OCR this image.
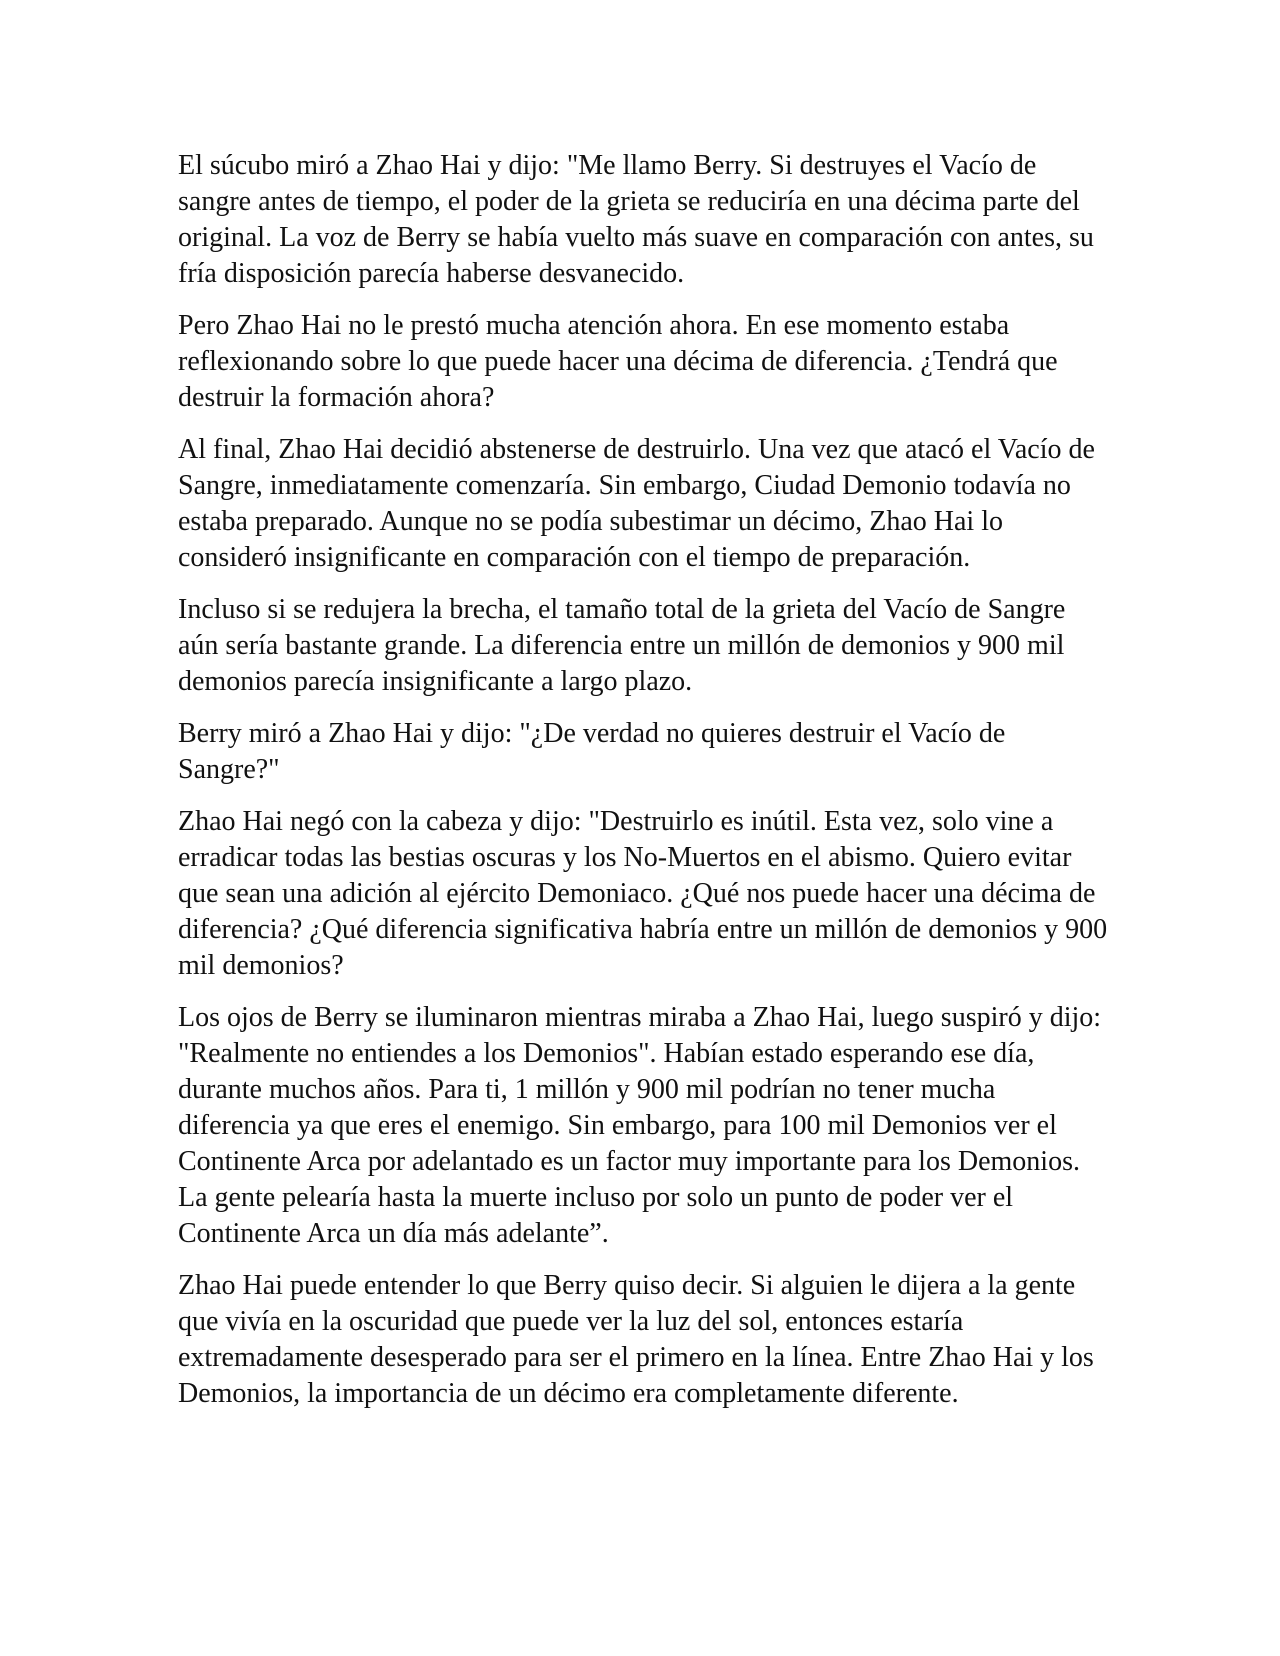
El súcubo miró a Zhao Hai y dijo: "Me llamo Berry. Si destruyes el Vacío de sangre antes de tiempo, el poder de la grieta se reduciría en una décima parte del original. La voz de Berry se había vuelto más suave en comparación con antes, su fría disposición parecía haberse desvanecido.

Pero Zhao Hai no le prestó mucha atención ahora. En ese momento estaba reflexionando sobre lo que puede hacer una décima de diferencia. ¿Tendrá que destruir la formación ahora?

Al final, Zhao Hai decidió abstenerse de destruirlo. Una vez que atacó el Vacío de Sangre, inmediatamente comenzaría. Sin embargo, Ciudad Demonio todavía no estaba preparado. Aunque no se podía subestimar un décimo, Zhao Hai lo consideró insignificante en comparación con el tiempo de preparación.

Incluso si se redujera la brecha, el tamaño total de la grieta del Vacío de Sangre aún sería bastante grande. La diferencia entre un millón de demonios y 900 mil demonios parecía insignificante a largo plazo.

Berry miró a Zhao Hai y dijo: "¿De verdad no quieres destruir el Vacío de Sangre?"

Zhao Hai negó con la cabeza y dijo: "Destruirlo es inútil. Esta vez, solo vine a erradicar todas las bestias oscuras y los No-Muertos en el abismo. Quiero evitar que sean una adición al ejército Demoniaco. ¿Qué nos puede hacer una décima de diferencia? ¿Qué diferencia significativa habría entre un millón de demonios y 900 mil demonios?

Los ojos de Berry se iluminaron mientras miraba a Zhao Hai, luego suspiró y dijo: "Realmente no entiendes a los Demonios". Habían estado esperando ese día, durante muchos años. Para ti, 1 millón y 900 mil podrían no tener mucha diferencia ya que eres el enemigo. Sin embargo, para 100 mil Demonios ver el Continente Arca por adelantado es un factor muy importante para los Demonios. La gente pelearía hasta la muerte incluso por solo un punto de poder ver el Continente Arca un día más adelante”.

Zhao Hai puede entender lo que Berry quiso decir. Si alguien le dijera a la gente que vivía en la oscuridad que puede ver la luz del sol, entonces estaría extremadamente desesperado para ser el primero en la línea. Entre Zhao Hai y los Demonios, la importancia de un décimo era completamente diferente.
